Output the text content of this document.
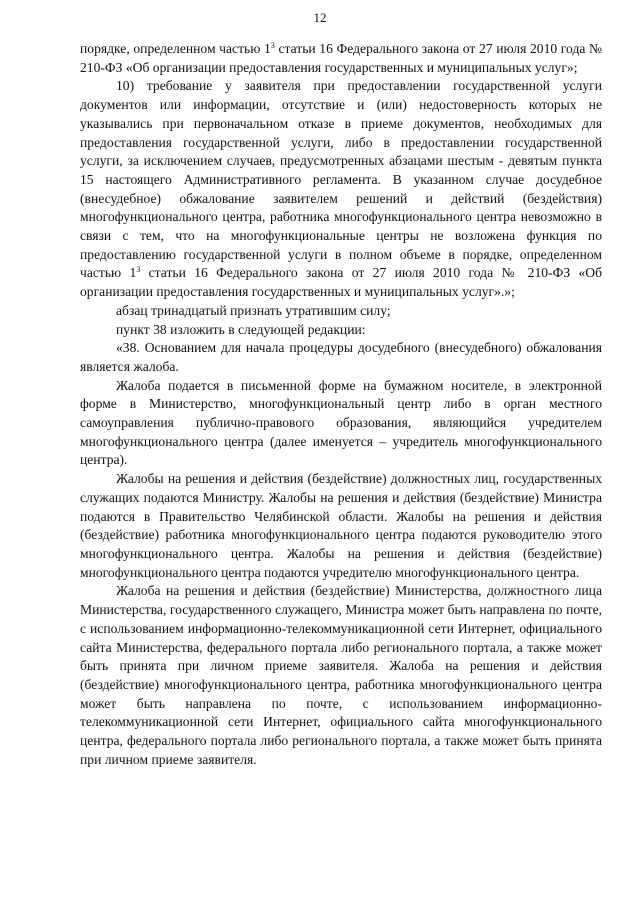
12

порядке, определенном частью $1^3$ статьи 16 Федерального закона от 27 июля 2010 года № 210-ФЗ «Об организации предоставления государственных и муниципальных услуг»;

10) требование у заявителя при предоставлении государственной услуги документов или информации, отсутствие и (или) недостоверность которых не указывались при первоначальном отказе в приеме документов, необходимых для предоставления государственной услуги, либо в предоставлении государственной услуги, за исключением случаев, предусмотренных абзацами шестым - девятым пункта 15 настоящего Административного регламента. В указанном случае досудебное (внесудебное) обжалование заявителем решений и действий (бездействия) многофункционального центра, работника многофункционального центра невозможно в связи с тем, что на многофункциональные центры не возложена функция по предоставлению государственной услуги в полном объеме в порядке, определенном частью $1^3$ статьи 16 Федерального закона от 27 июля 2010 года № 210-ФЗ «Об организации предоставления государственных и муниципальных услуг».»;

абзац тринадцатый признать утратившим силу;

пункт 38 изложить в следующей редакции:

«38. Основанием для начала процедуры досудебного (внесудебного) обжалования является жалоба.

Жалоба подается в письменной форме на бумажном носителе, в электронной форме в Министерство, многофункциональный центр либо в орган местного самоуправления публично-правового образования, являющийся учредителем многофункционального центра (далее именуется – учредитель многофункционального центра).

Жалобы на решения и действия (бездействие) должностных лиц, государственных служащих подаются Министру. Жалобы на решения и действия (бездействие) Министра подаются в Правительство Челябинской области. Жалобы на решения и действия (бездействие) работника многофункционального центра подаются руководителю этого многофункционального центра. Жалобы на решения и действия (бездействие) многофункционального центра подаются учредителю многофункционального центра.

Жалоба на решения и действия (бездействие) Министерства, должностного лица Министерства, государственного служащего, Министра может быть направлена по почте, с использованием информационно-телекоммуникационной сети Интернет, официального сайта Министерства, федерального портала либо регионального портала, а также может быть принята при личном приеме заявителя. Жалоба на решения и действия (бездействие) многофункционального центра, работника многофункционального центра может быть направлена по почте, с использованием информационно-телекоммуникационной сети Интернет, официального сайта многофункционального центра, федерального портала либо регионального портала, а также может быть принята при личном приеме заявителя.
